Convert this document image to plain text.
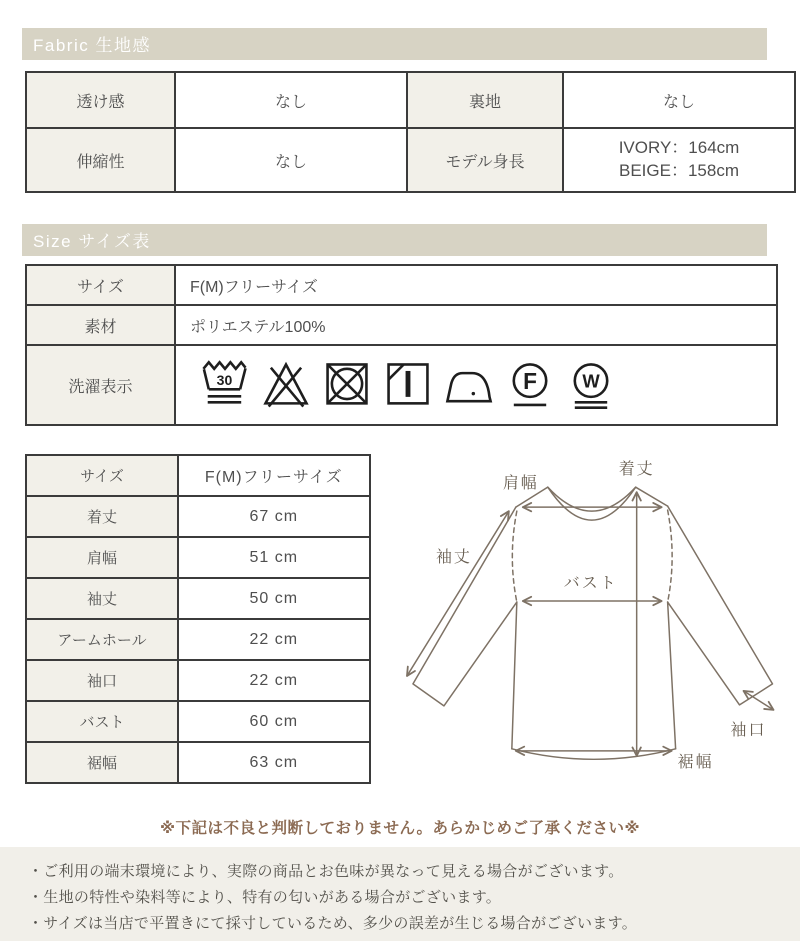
Fabric 生地感
透け感	なし	裏地	なし
伸縮性	なし	モデル身長	IVORY：164cm
BEIGE：158cm
Size サイズ表
サイズ	F(M)フリーサイズ
素材	ポリエステル100%
洗濯表示	30 F W
サイズ	F(M)フリーサイズ
着丈	67 cm
肩幅	51 cm
袖丈	50 cm
アームホール	22 cm
袖口	22 cm
バスト	60 cm
裾幅	63 cm
着丈
肩幅
袖丈
バスト
袖口
裾幅
※下記は不良と判断しておりません。あらかじめご了承ください※

・ご利用の端末環境により、実際の商品とお色味が異なって見える場合がございます。

・生地の特性や染料等により、特有の匂いがある場合がございます。

・サイズは当店で平置きにて採寸しているため、多少の誤差が生じる場合がございます。
